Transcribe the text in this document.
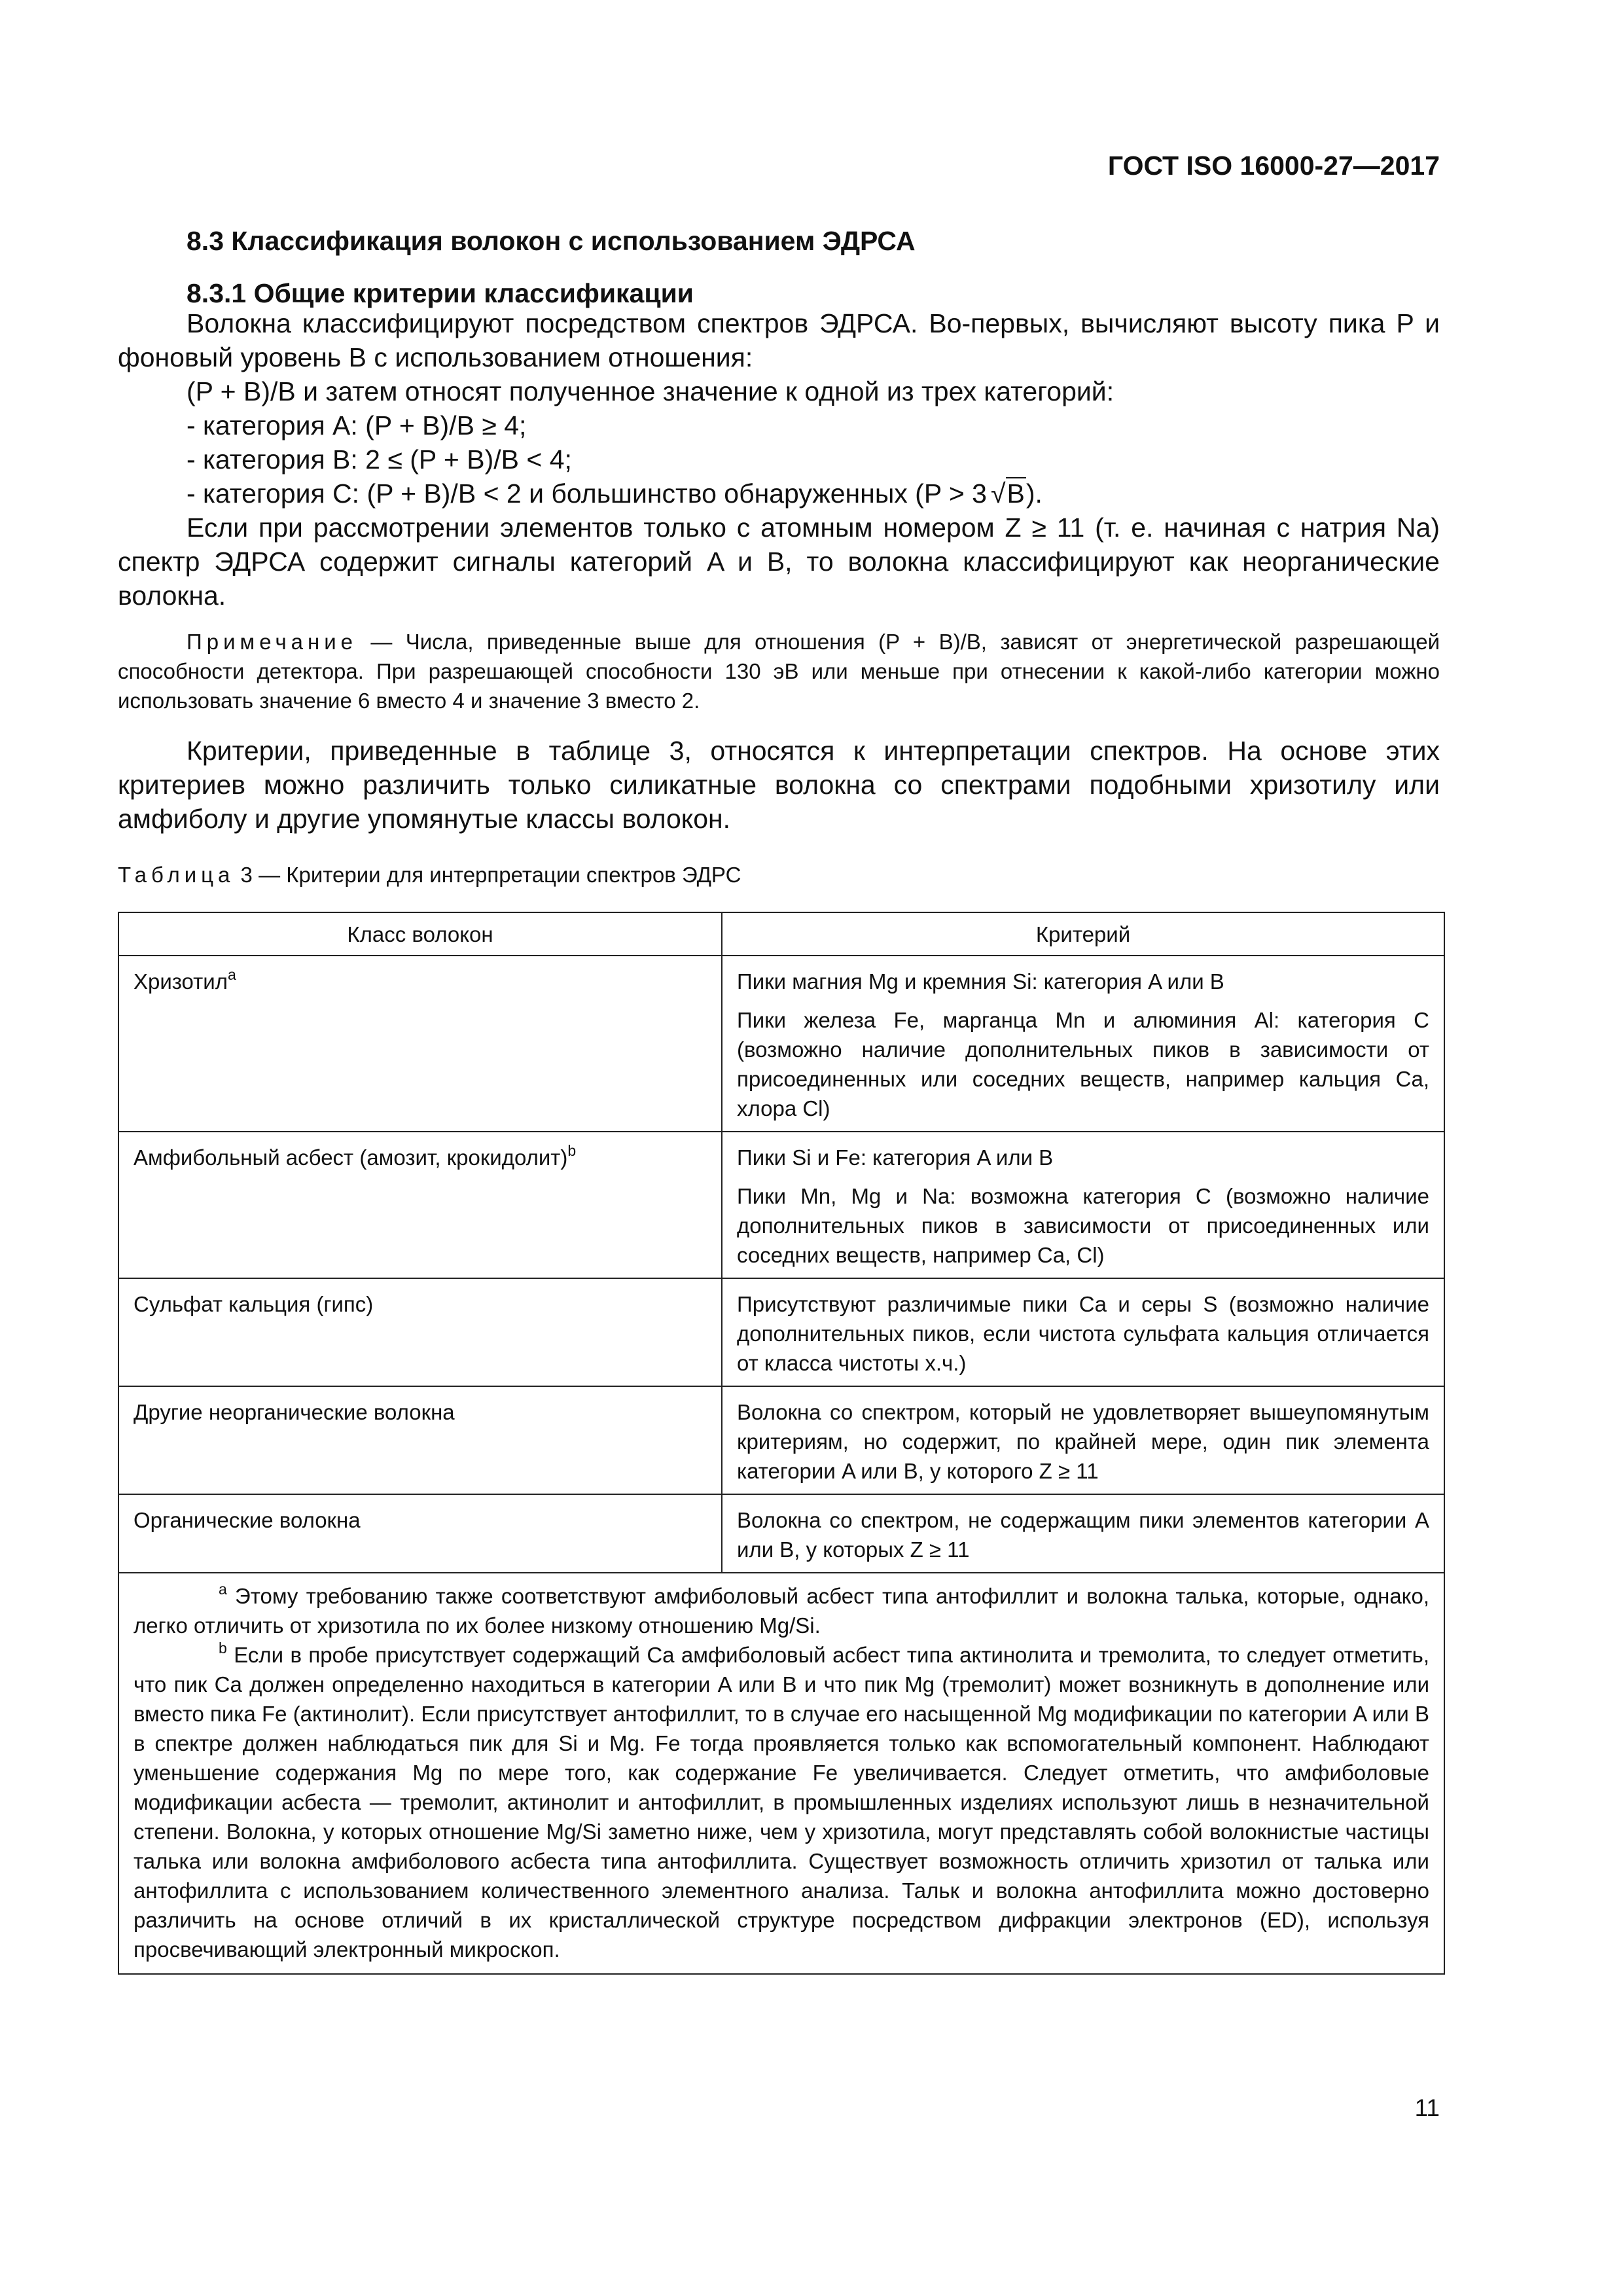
ГОСТ ISO 16000-27—2017
8.3 Классификация волокон с использованием ЭДРСА
8.3.1 Общие критерии классификации

Волокна классифицируют посредством спектров ЭДРСА. Во-первых, вычисляют высоту пика P и фоновый уровень B с использованием отношения:

(P + B)/B и затем относят полученное значение к одной из трех категорий:

- категория A: (P + B)/B ≥ 4;

- категория B: 2 ≤ (P + B)/B < 4;

- категория C: (P + B)/B < 2 и большинство обнаруженных (P > 3 √B).

Если при рассмотрении элементов только с атомным номером Z ≥ 11 (т. е. начиная с натрия Na) спектр ЭДРСА содержит сигналы категорий A и B, то волокна классифицируют как неорганические волокна.

Примечание — Числа, приведенные выше для отношения (P + B)/B, зависят от энергетической разрешающей способности детектора. При разрешающей способности 130 эВ или меньше при отнесении к какой-либо категории можно использовать значение 6 вместо 4 и значение 3 вместо 2.

Критерии, приведенные в таблице 3, относятся к интерпретации спектров. На основе этих критериев можно различить только силикатные волокна со спектрами подобными хризотилу или амфиболу и другие упомянутые классы волокон.

Таблица 3 — Критерии для интерпретации спектров ЭДРС
Класс волокон	Критерий
Хризотил$^a$	Пики магния Mg и кремния Si: категория A или B
Пики железа Fe, марганца Mn и алюминия Al: категория C (возможно наличие дополнительных пиков в зависимости от присоединенных или соседних веществ, например кальция Ca, хлора Cl)

Амфибольный асбест (амозит, крокидолит)$^b$	Пики Si и Fe: категория A или B
Пики Mn, Mg и Na: возможна категория C (возможно наличие дополнительных пиков в зависимости от присоединенных или соседних веществ, например Ca, Cl)

Сульфат кальция (гипс)	Присутствуют различимые пики Ca и серы S (возможно наличие дополнительных пиков, если чистота сульфата кальция отличается от класса чистоты х.ч.)

Другие неорганические волокна	Волокна со спектром, который не удовлетворяет вышеупомянутым критериям, но содержит, по крайней мере, один пик элемента категории A или B, у которого Z ≥ 11

Органические волокна	Волокна со спектром, не содержащим пики элементов категории A или B, у которых Z ≥ 11

$^a$ Этому требованию также соответствуют амфиболовый асбест типа антофиллит и волокна талька, которые, однако, легко отличить от хризотила по их более низкому отношению Mg/Si.

$^b$ Если в пробе присутствует содержащий Ca амфиболовый асбест типа актинолита и тремолита, то следует отметить, что пик Ca должен определенно находиться в категории A или B и что пик Mg (тремолит) может возникнуть в дополнение или вместо пика Fe (актинолит). Если присутствует антофиллит, то в случае его насыщенной Mg модификации по категории A или B в спектре должен наблюдаться пик для Si и Mg. Fe тогда проявляется только как вспомогательный компонент. Наблюдают уменьшение содержания Mg по мере того, как содержание Fe увеличивается. Следует отметить, что амфиболовые модификации асбеста — тремолит, актинолит и антофиллит, в промышленных изделиях используют лишь в незначительной степени. Волокна, у которых отношение Mg/Si заметно ниже, чем у хризотила, могут представлять собой волокнистые частицы талька или волокна амфиболового асбеста типа антофиллита. Существует возможность отличить хризотил от талька или антофиллита с использованием количественного элементного анализа. Тальк и волокна антофиллита можно достоверно различить на основе отличий в их кристаллической структуре посредством дифракции электронов (ED), используя просвечивающий электронный микроскоп.	

11
